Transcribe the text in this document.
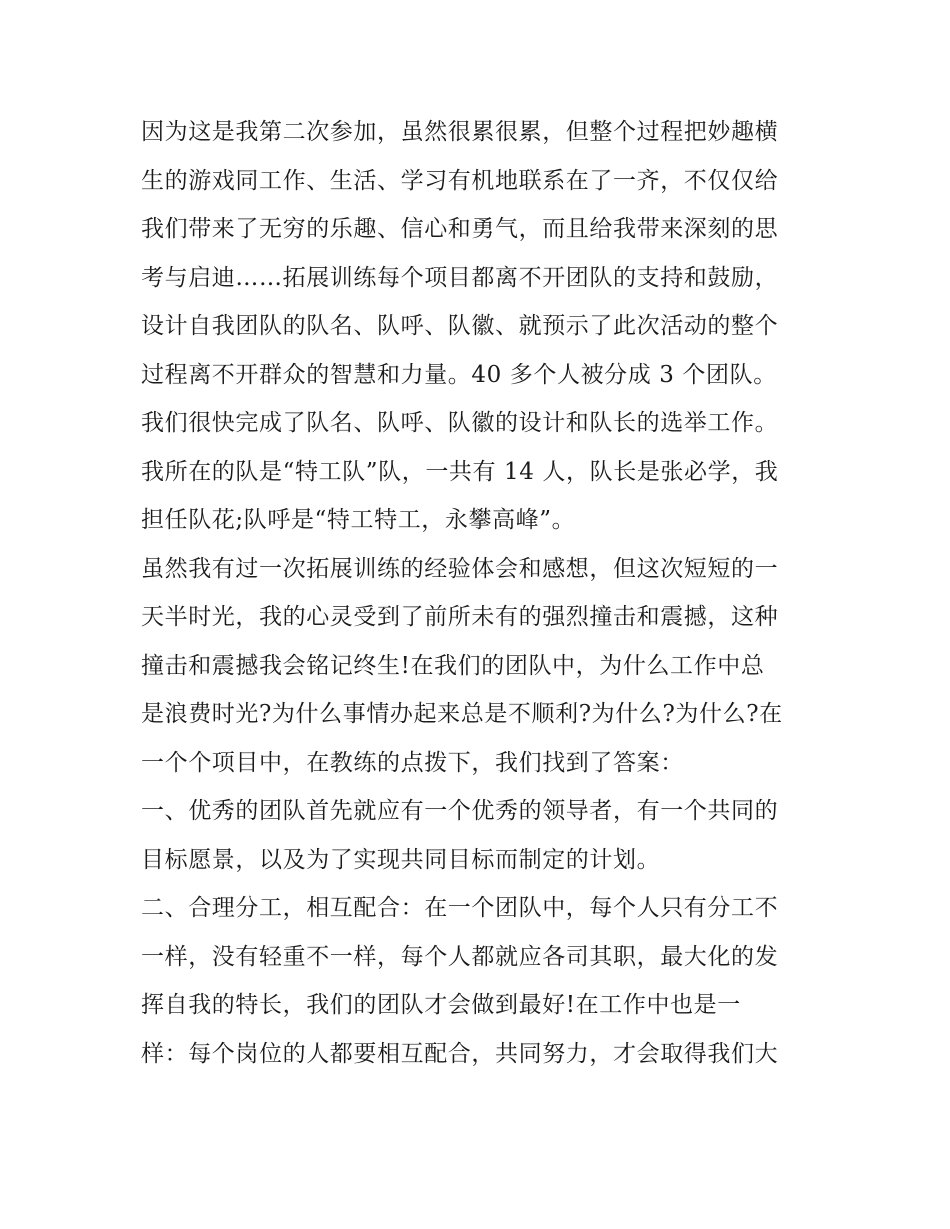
因为这是我第二次参加，虽然很累很累，但整个过程把妙趣横
生的游戏同工作、生活、学习有机地联系在了一齐，不仅仅给
我们带来了无穷的乐趣、信心和勇气，而且给我带来深刻的思
考与启迪……拓展训练每个项目都离不开团队的支持和鼓励，
设计自我团队的队名、队呼、队徽、就预示了此次活动的整个
过程离不开群众的智慧和力量。40 多个人被分成 3 个团队。
我们很快完成了队名、队呼、队徽的设计和队长的选举工作。
我所在的队是“特工队”队，一共有 14 人，队长是张必学，我
担任队花;队呼是“特工特工，永攀高峰”。
虽然我有过一次拓展训练的经验体会和感想，但这次短短的一
天半时光，我的心灵受到了前所未有的强烈撞击和震撼，这种
撞击和震撼我会铭记终生!在我们的团队中，为什么工作中总
是浪费时光?为什么事情办起来总是不顺利?为什么?为什么?在
一个个项目中，在教练的点拨下，我们找到了答案：
一、优秀的团队首先就应有一个优秀的领导者，有一个共同的
目标愿景，以及为了实现共同目标而制定的计划。
二、合理分工，相互配合：在一个团队中，每个人只有分工不
一样，没有轻重不一样，每个人都就应各司其职，最大化的发
挥自我的特长，我们的团队才会做到最好!在工作中也是一
样：每个岗位的人都要相互配合，共同努力，才会取得我们大
